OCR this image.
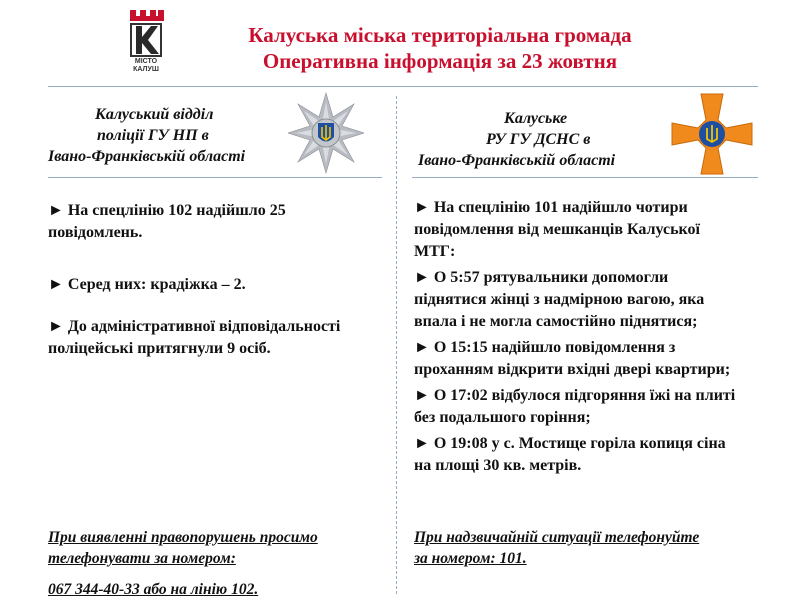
МІСТО
КАЛУШ
Калуська міська територіальна громада
Оперативна інформація за 23 жовтня
Калуський відділ
поліції ГУ НП в
Івано-Франківській області
Калуське
РУ ГУ ДСНС в
Івано-Франківській області

► На спецлінію 102 надійшло 25 повідомлень.

► Серед них: крадіжка – 2.

► До адміністративної відповідальності поліцейські притягнули 9 осіб.

► На спецлінію 101 надійшло чотири повідомлення від мешканців Калуської МТГ:

► О 5:57 рятувальники допомогли піднятися жінці з надмірною вагою, яка впала і не могла самостійно піднятися;

► О 15:15 надійшло повідомлення з проханням відкрити вхідні двері квартири;

► О 17:02 відбулося підгоряння їжі на плиті без подальшого горіння;

► О 19:08 у с. Мостище горіла копиця сіна на площі 30 кв. метрів.

При виявленні правопорушень просимо
телефонувати за номером:
067 344-40-33 або на лінію 102.
При надзвичайній ситуації телефонуйте
за номером: 101.
